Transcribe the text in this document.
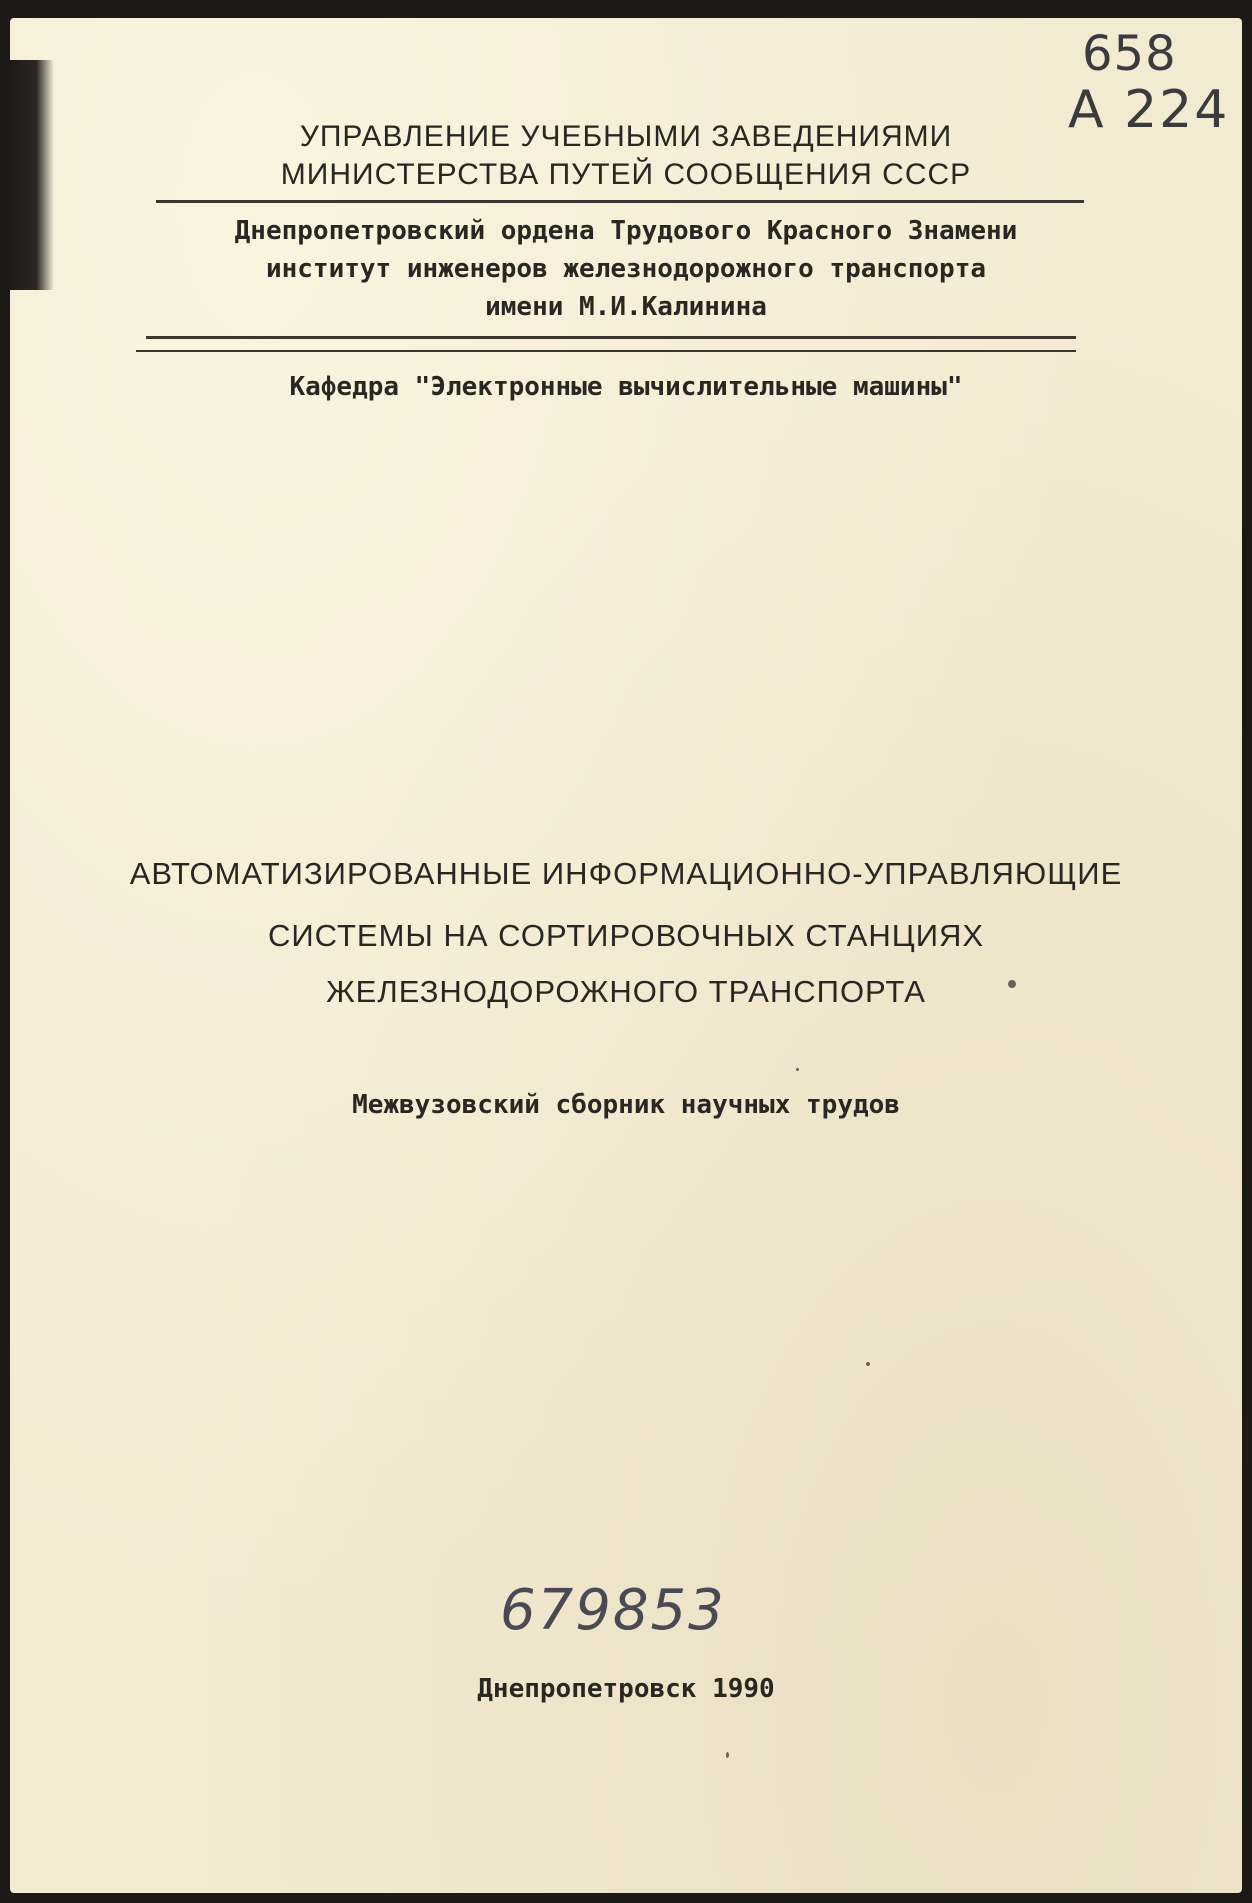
658
А 224
УПРАВЛЕНИЕ УЧЕБНЫМИ ЗАВЕДЕНИЯМИ
МИНИСТЕРСТВА ПУТЕЙ СООБЩЕНИЯ СССР
Днепропетровский ордена Трудового Красного Знамени
институт инженеров железнодорожного транспорта
имени М.И.Калинина
Кафедра "Электронные вычислительные машины"
АВТОМАТИЗИРОВАННЫЕ ИНФОРМАЦИОННО-УПРАВЛЯЮЩИЕ
СИСТЕМЫ НА СОРТИРОВОЧНЫХ СТАНЦИЯХ
ЖЕЛЕЗНОДОРОЖНОГО ТРАНСПОРТА
Межвузовский сборник научных трудов
679853
Днепропетровск 1990
